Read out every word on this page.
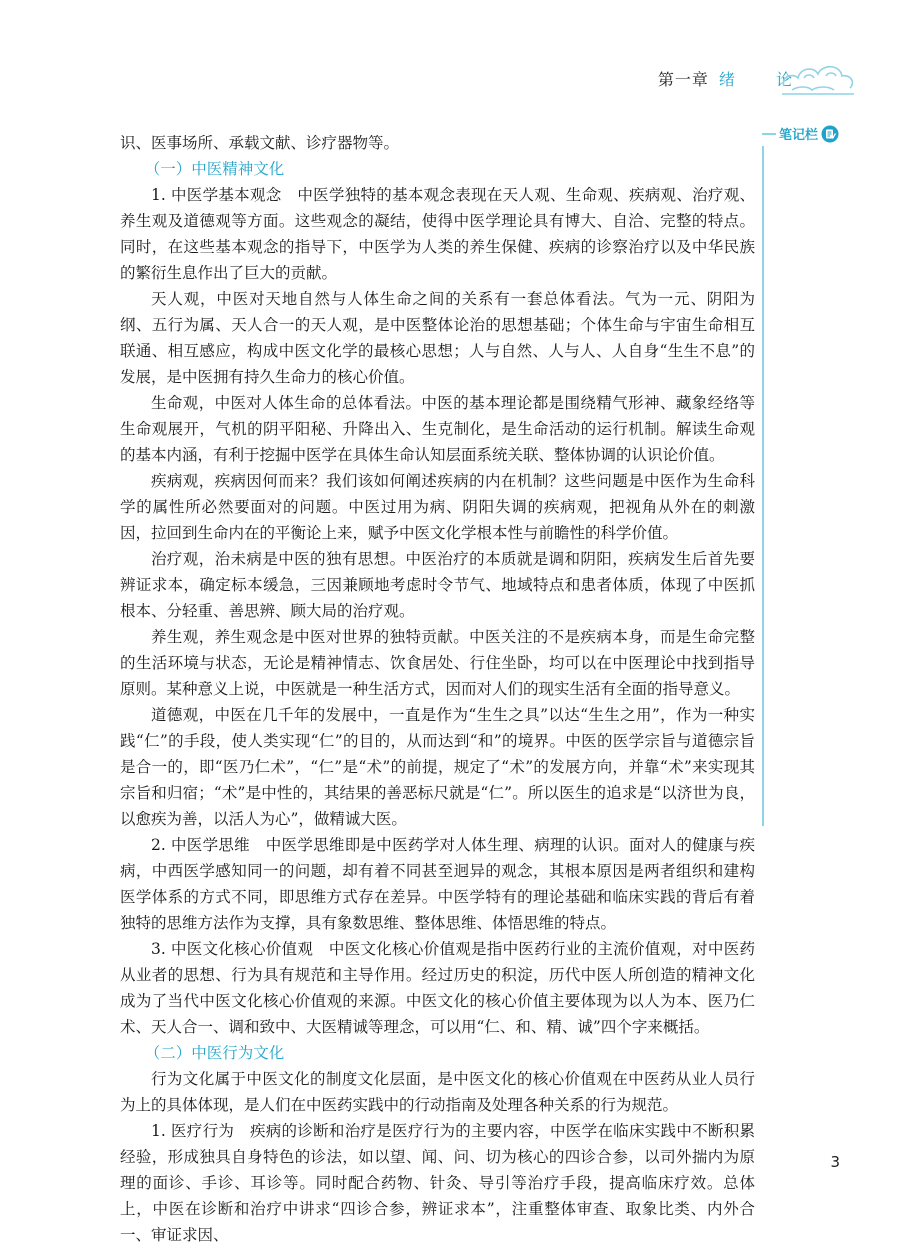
第一章 绪 论
笔记栏

识、医事场所、承载文献、诊疗器物等。

（一）中医精神文化

1. 中医学基本观念　中医学独特的基本观念表现在天人观、生命观、疾病观、治疗观、养生观及道德观等方面。这些观念的凝结，使得中医学理论具有博大、自洽、完整的特点。同时，在这些基本观念的指导下，中医学为人类的养生保健、疾病的诊察治疗以及中华民族的繁衍生息作出了巨大的贡献。

天人观，中医对天地自然与人体生命之间的关系有一套总体看法。气为一元、阴阳为纲、五行为属、天人合一的天人观，是中医整体论治的思想基础；个体生命与宇宙生命相互联通、相互感应，构成中医文化学的最核心思想；人与自然、人与人、人自身“生生不息”的发展，是中医拥有持久生命力的核心价值。

生命观，中医对人体生命的总体看法。中医的基本理论都是围绕精气形神、藏象经络等生命观展开，气机的阴平阳秘、升降出入、生克制化，是生命活动的运行机制。解读生命观的基本内涵，有利于挖掘中医学在具体生命认知层面系统关联、整体协调的认识论价值。

疾病观，疾病因何而来？我们该如何阐述疾病的内在机制？这些问题是中医作为生命科学的属性所必然要面对的问题。中医过用为病、阴阳失调的疾病观，把视角从外在的刺激因，拉回到生命内在的平衡论上来，赋予中医文化学根本性与前瞻性的科学价值。

治疗观，治未病是中医的独有思想。中医治疗的本质就是调和阴阳，疾病发生后首先要辨证求本，确定标本缓急，三因兼顾地考虑时令节气、地域特点和患者体质，体现了中医抓根本、分轻重、善思辨、顾大局的治疗观。

养生观，养生观念是中医对世界的独特贡献。中医关注的不是疾病本身，而是生命完整的生活环境与状态，无论是精神情志、饮食居处、行住坐卧，均可以在中医理论中找到指导原则。某种意义上说，中医就是一种生活方式，因而对人们的现实生活有全面的指导意义。

道德观，中医在几千年的发展中，一直是作为“生生之具”以达“生生之用”，作为一种实践“仁”的手段，使人类实现“仁”的目的，从而达到“和”的境界。中医的医学宗旨与道德宗旨是合一的，即“医乃仁术”，“仁”是“术”的前提，规定了“术”的发展方向，并靠“术”来实现其宗旨和归宿；“术”是中性的，其结果的善恶标尺就是“仁”。所以医生的追求是“以济世为良，以愈疾为善，以活人为心”，做精诚大医。

2. 中医学思维　中医学思维即是中医药学对人体生理、病理的认识。面对人的健康与疾病，中西医学感知同一的问题，却有着不同甚至迥异的观念，其根本原因是两者组织和建构医学体系的方式不同，即思维方式存在差异。中医学特有的理论基础和临床实践的背后有着独特的思维方法作为支撑，具有象数思维、整体思维、体悟思维的特点。

3. 中医文化核心价值观　中医文化核心价值观是指中医药行业的主流价值观，对中医药从业者的思想、行为具有规范和主导作用。经过历史的积淀，历代中医人所创造的精神文化成为了当代中医文化核心价值观的来源。中医文化的核心价值主要体现为以人为本、医乃仁术、天人合一、调和致中、大医精诚等理念，可以用“仁、和、精、诚”四个字来概括。

（二）中医行为文化

行为文化属于中医文化的制度文化层面，是中医文化的核心价值观在中医药从业人员行为上的具体体现，是人们在中医药实践中的行动指南及处理各种关系的行为规范。

1. 医疗行为　疾病的诊断和治疗是医疗行为的主要内容，中医学在临床实践中不断积累经验，形成独具自身特色的诊法，如以望、闻、问、切为核心的四诊合参，以司外揣内为原理的面诊、手诊、耳诊等。同时配合药物、针灸、导引等治疗手段，提高临床疗效。总体上，中医在诊断和治疗中讲求“四诊合参，辨证求本”，注重整体审查、取象比类、内外合一、审证求因、

3
